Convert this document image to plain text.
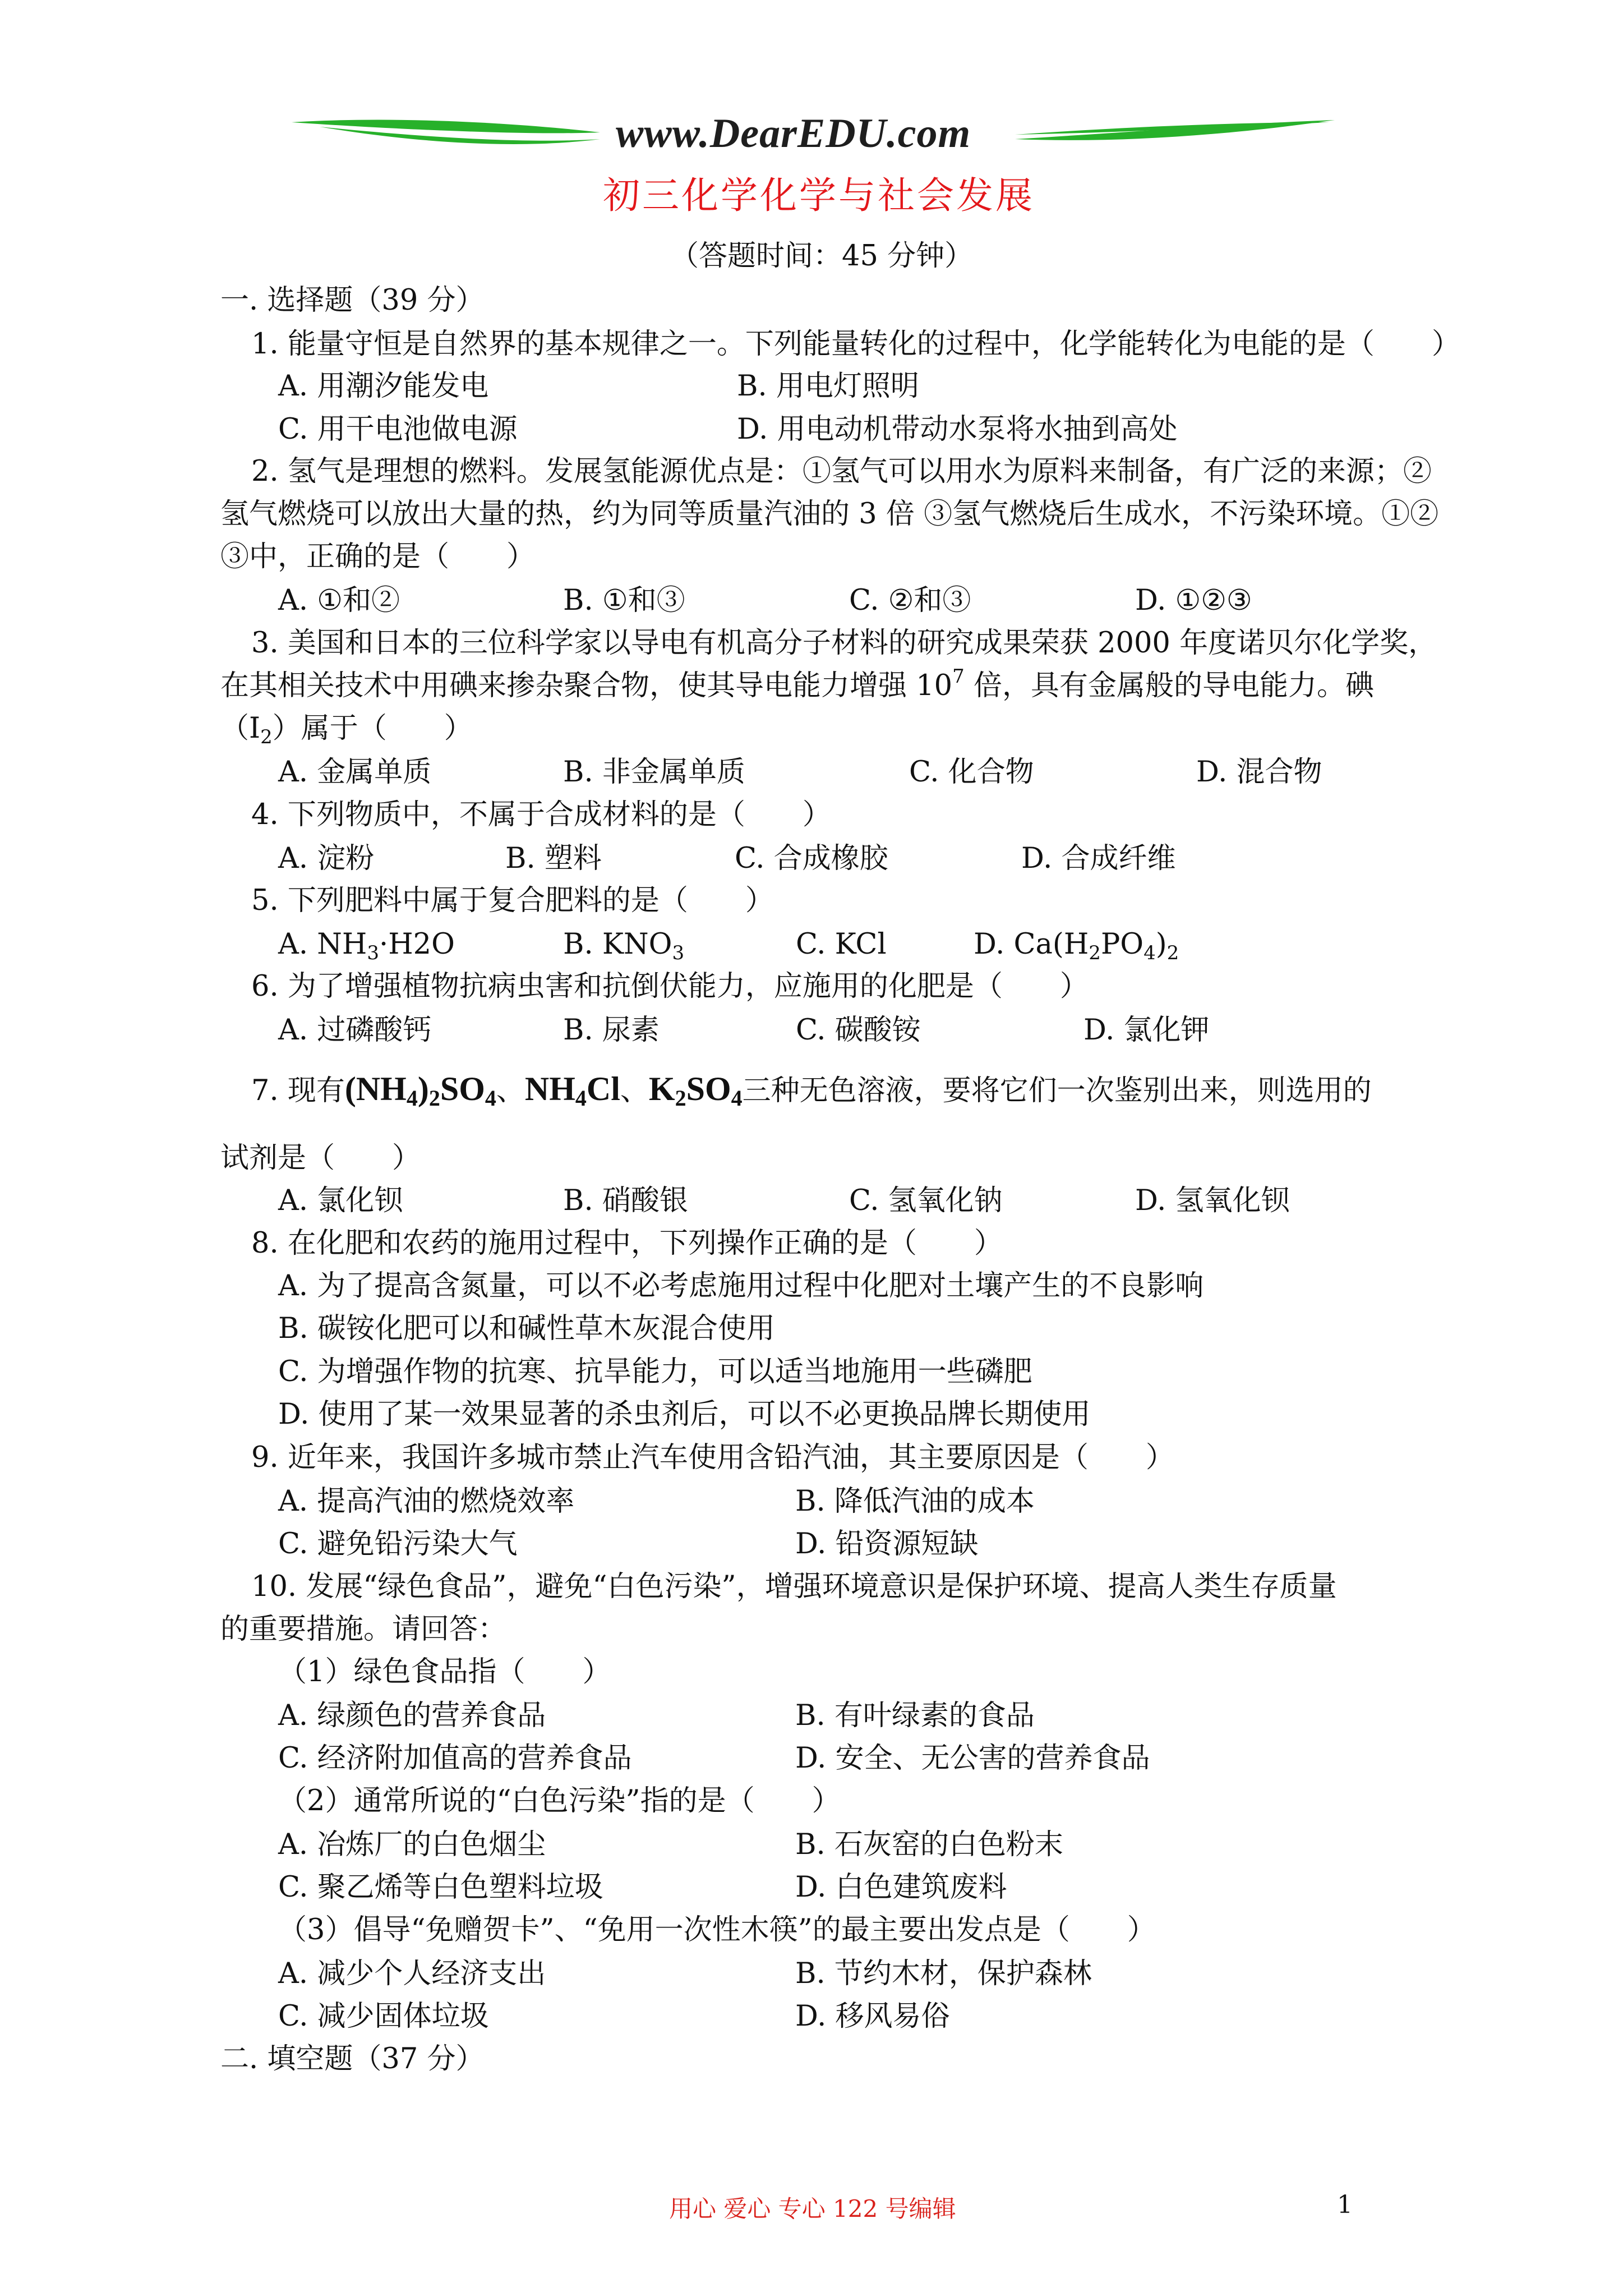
www.DearEDU.com
初三化学化学与社会发展
（答题时间：45 分钟）
一. 选择题（39 分）
1. 能量守恒是自然界的基本规律之一。下列能量转化的过程中，化学能转化为电能的是（　　）
A. 用潮汐能发电	B. 用电灯照明
C. 用干电池做电源	D. 用电动机带动水泵将水抽到高处
2. 氢气是理想的燃料。发展氢能源优点是：①氢气可以用水为原料来制备，有广泛的来源；②
氢气燃烧可以放出大量的热，约为同等质量汽油的 3 倍 ③氢气燃烧后生成水，不污染环境。①②
③中，正确的是（　　）
A. ①和②	B. ①和③	C. ②和③	D. ①②③
3. 美国和日本的三位科学家以导电有机高分子材料的研究成果荣获 2000 年度诺贝尔化学奖，
在其相关技术中用碘来掺杂聚合物，使其导电能力增强 $10^7$ 倍，具有金属般的导电能力。碘
$(I_2)$属于（　　）
A. 金属单质	B. 非金属单质	C. 化合物	D. 混合物
4. 下列物质中，不属于合成材料的是（　　）
A. 淀粉	B. 塑料	C. 合成橡胶	D. 合成纤维
5. 下列肥料中属于复合肥料的是（　　）
A. $NH_3\cdot H2O$	B. $KNO_3$	C. KCl	D. $Ca(H_2PO_4)_2$
6. 为了增强植物抗病虫害和抗倒伏能力，应施用的化肥是（　　）
A. 过磷酸钙	B. 尿素	C. 碳酸铵	D. 氯化钾
7. 现有$(NH_4)_2SO_4$、$NH_4Cl$、$K_2SO_4$三种无色溶液，要将它们一次鉴别出来，则选用的
试剂是（　　）
A. 氯化钡	B. 硝酸银	C. 氢氧化钠	D. 氢氧化钡
8. 在化肥和农药的施用过程中，下列操作正确的是（　　）
A. 为了提高含氮量，可以不必考虑施用过程中化肥对土壤产生的不良影响
B. 碳铵化肥可以和碱性草木灰混合使用
C. 为增强作物的抗寒、抗旱能力，可以适当地施用一些磷肥
D. 使用了某一效果显著的杀虫剂后，可以不必更换品牌长期使用
9. 近年来，我国许多城市禁止汽车使用含铅汽油，其主要原因是（　　）
A. 提高汽油的燃烧效率	B. 降低汽油的成本
C. 避免铅污染大气	D. 铅资源短缺
10. 发展“绿色食品”，避免“白色污染”，增强环境意识是保护环境、提高人类生存质量
的重要措施。请回答：
（1）绿色食品指（　　）
A. 绿颜色的营养食品	B. 有叶绿素的食品
C. 经济附加值高的营养食品	D. 安全、无公害的营养食品
（2）通常所说的“白色污染”指的是（　　）
A. 冶炼厂的白色烟尘	B. 石灰窑的白色粉末
C. 聚乙烯等白色塑料垃圾	D. 白色建筑废料
（3）倡导“免赠贺卡”、“免用一次性木筷”的最主要出发点是（　　）
A. 减少个人经济支出	B. 节约木材，保护森林
C. 减少固体垃圾	D. 移风易俗
二. 填空题（37 分）
用心 爱心 专心 122 号编辑	1
